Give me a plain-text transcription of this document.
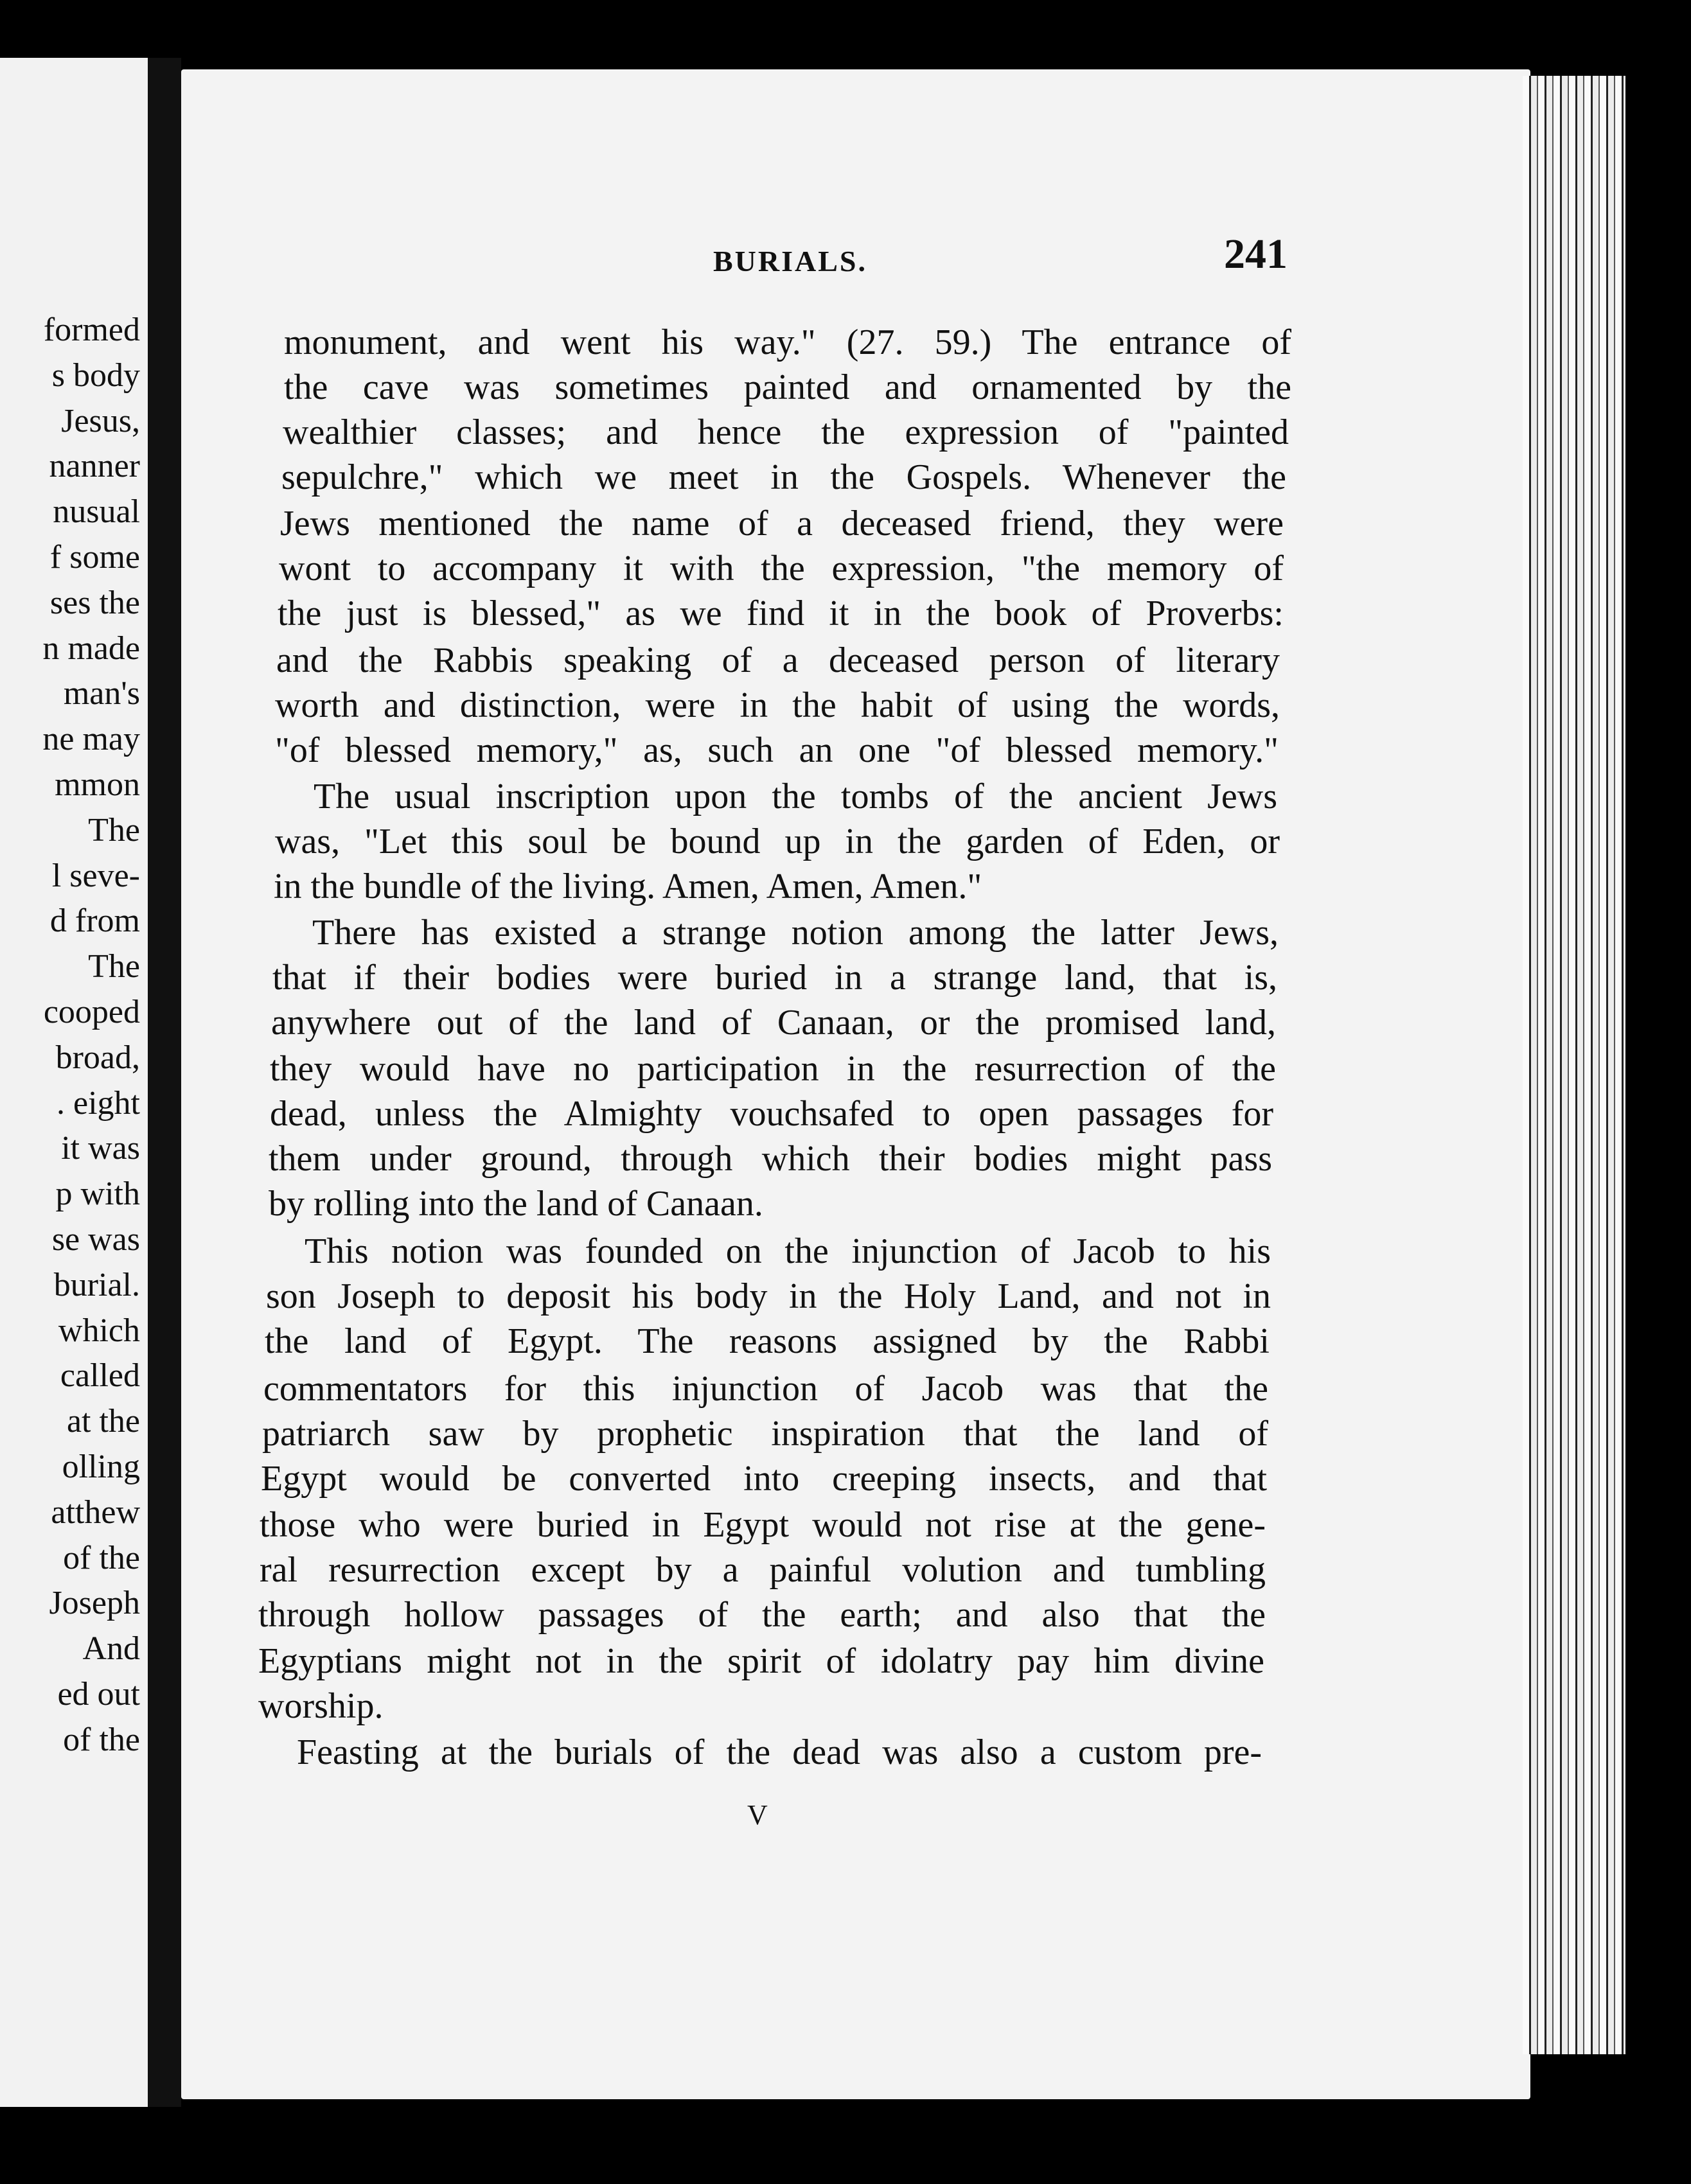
formed
s body
Jesus,
nanner
nusual
f some
ses the
n made
man's
ne may
mmon
The
l seve-
d from
The
cooped
broad,
. eight
it was
p with
se was
burial.
which
called
at the
olling
atthew
of the
Joseph
And
ed out
of the
BURIALS.	241
monument, and went his way." (27. 59.) The entrance of
the cave was sometimes painted and ornamented by the
wealthier classes; and hence the expression of "painted
sepulchre," which we meet in the Gospels. Whenever the
Jews mentioned the name of a deceased friend, they were
wont to accompany it with the expression, "the memory of
the just is blessed," as we find it in the book of Proverbs:
and the Rabbis speaking of a deceased person of literary
worth and distinction, were in the habit of using the words,
"of blessed memory," as, such an one "of blessed memory."
The usual inscription upon the tombs of the ancient Jews
was, "Let this soul be bound up in the garden of Eden, or
in the bundle of the living. Amen, Amen, Amen."
There has existed a strange notion among the latter Jews,
that if their bodies were buried in a strange land, that is,
anywhere out of the land of Canaan, or the promised land,
they would have no participation in the resurrection of the
dead, unless the Almighty vouchsafed to open passages for
them under ground, through which their bodies might pass
by rolling into the land of Canaan.
This notion was founded on the injunction of Jacob to his
son Joseph to deposit his body in the Holy Land, and not in
the land of Egypt. The reasons assigned by the Rabbi
commentators for this injunction of Jacob was that the
patriarch saw by prophetic inspiration that the land of
Egypt would be converted into creeping insects, and that
those who were buried in Egypt would not rise at the gene-
ral resurrection except by a painful volution and tumbling
through hollow passages of the earth; and also that the
Egyptians might not in the spirit of idolatry pay him divine
worship.
Feasting at the burials of the dead was also a custom pre-
V
